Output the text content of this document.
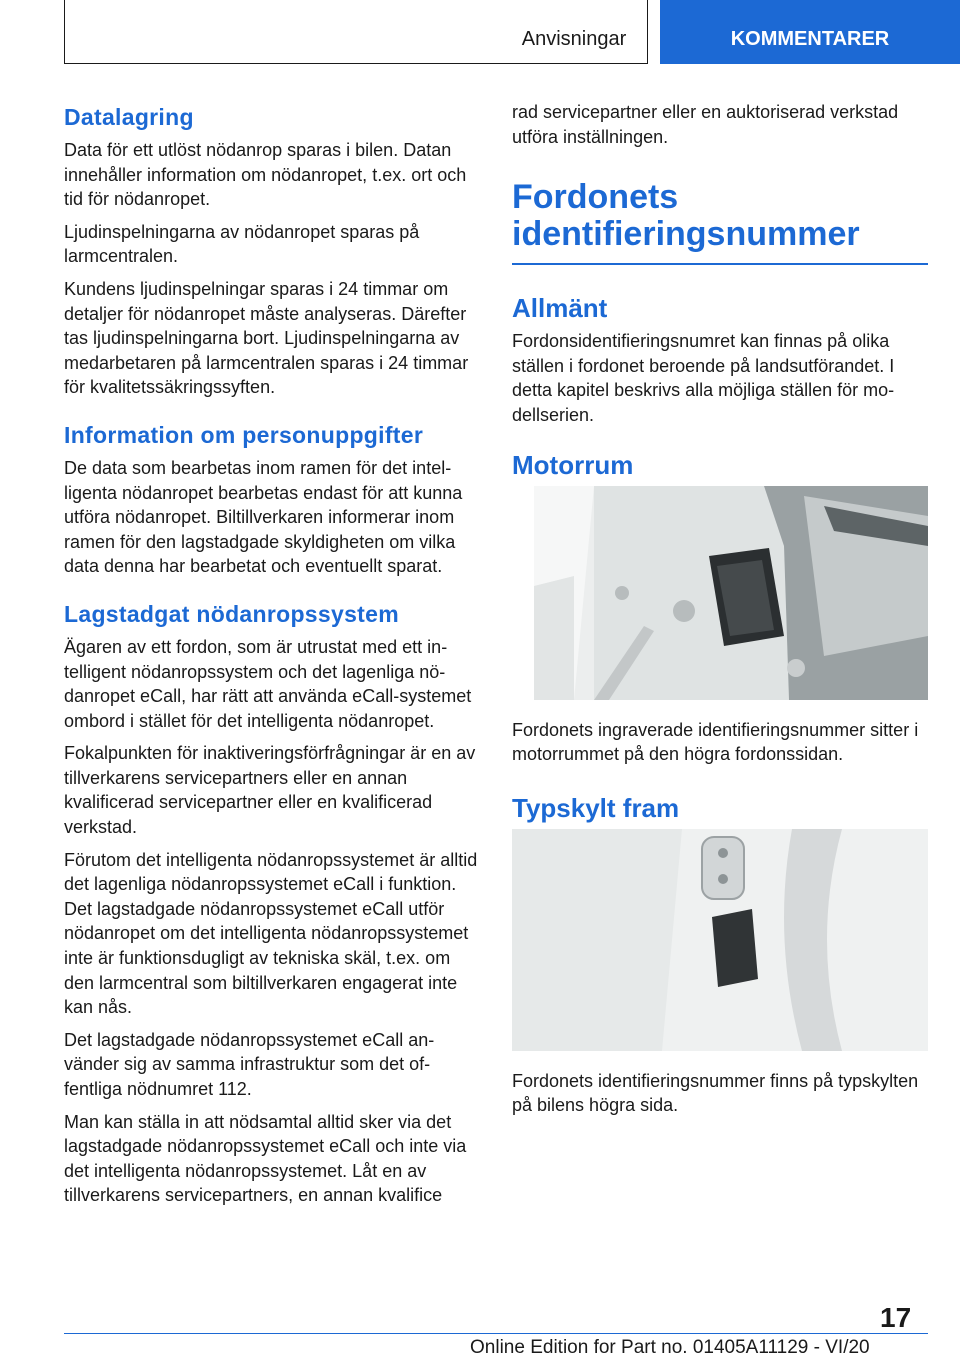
Anvisningar	KOMMENTARER
Datalagring

Data för ett utlöst nödanrop sparas i bilen. Datan innehåller information om nödanropet, t.ex. ort och tid för nödanropet.

Ljudinspelningarna av nödanropet sparas på larmcentralen.

Kundens ljudinspelningar sparas i 24 timmar om detaljer för nödanropet måste analyseras. Därefter tas ljudinspelningarna bort. Ljudinspelningarna av medarbetaren på larmcentralen sparas i 24 timmar för kvalitetssäkringssyften.

Information om personuppgifter

De data som bearbetas inom ramen för det intelligenta nödanropet bearbetas endast för att kunna utföra nödanropet. Biltillverkaren informerar inom ramen för den lagstadgade skyldigheten om vilka data denna har bearbetat och eventuellt sparat.

Lagstadgat nödanropssystem

Ägaren av ett fordon, som är utrustat med ett intelligent nödanropssystem och det lagenliga nödanropet eCall, har rätt att använda eCall-systemet ombord i stället för det intelligenta nödanropet.

Fokalpunkten för inaktiveringsförfrågningar är en av tillverkarens servicepartners eller en annan kvalificerad servicepartner eller en kvalificerad verkstad.

Förutom det intelligenta nödanropssystemet är alltid det lagenliga nödanropssystemet eCall i funktion. Det lagstadgade nödanropssystemet eCall utför nödanropet om det intelligenta nödanropssystemet inte är funktionsdugligt av tekniska skäl, t.ex. om den larmcentral som biltillverkaren engagerat inte kan nås.

Det lagstadgade nödanropssystemet eCall använder sig av samma infrastruktur som det offentliga nödnumret 112.

Man kan ställa in att nödsamtal alltid sker via det lagstadgade nödanropssystemet eCall och inte via det intelligenta nödanropssystemet. Låt en av tillverkarens servicepartners, en annan kvalifice

rad servicepartner eller en auktoriserad verkstad utföra inställningen.

Fordonets identifieringsnummer
Allmänt

Fordonsidentifieringsnumret kan finnas på olika ställen i fordonet beroende på landsutförandet. I detta kapitel beskrivs alla möjliga ställen för modellserien.

Motorrum

Fordonets ingraverade identifieringsnummer sitter i motorrummet på den högra fordonssidan.

Typskylt fram

Fordonets identifieringsnummer finns på typskylten på bilens högra sida.

17
Online Edition for Part no. 01405A11129 - VI/20
